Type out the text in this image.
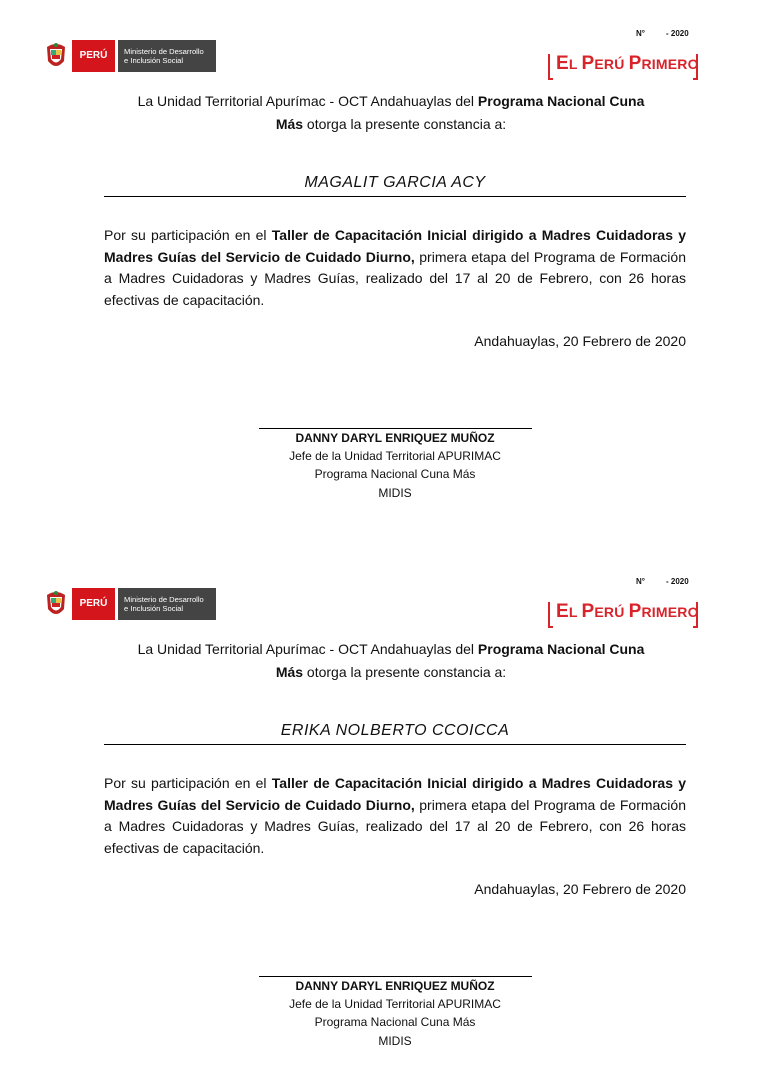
N°	- 2020
PERÚ	Ministerio de Desarrollo
e Inclusión Social	EL PERÚ PRIMERO
La Unidad Territorial Apurímac - OCT Andahuaylas del Programa Nacional Cuna
Más otorga la presente constancia a:
MAGALIT GARCIA ACY
Por su participación en el Taller de Capacitación Inicial dirigido a Madres Cuidadoras y Madres Guías del Servicio de Cuidado Diurno, primera etapa del Programa de Formación a Madres Cuidadoras y Madres Guías, realizado del 17 al 20 de Febrero, con 26 horas efectivas de capacitación.
Andahuaylas, 20 Febrero de 2020
DANNY DARYL ENRIQUEZ MUÑOZ
Jefe de la Unidad Territorial APURIMAC
Programa Nacional Cuna Más
MIDIS
N°	- 2020
PERÚ	Ministerio de Desarrollo
e Inclusión Social	EL PERÚ PRIMERO
La Unidad Territorial Apurímac - OCT Andahuaylas del Programa Nacional Cuna
Más otorga la presente constancia a:
ERIKA NOLBERTO CCOICCA
Por su participación en el Taller de Capacitación Inicial dirigido a Madres Cuidadoras y Madres Guías del Servicio de Cuidado Diurno, primera etapa del Programa de Formación a Madres Cuidadoras y Madres Guías, realizado del 17 al 20 de Febrero, con 26 horas efectivas de capacitación.
Andahuaylas, 20 Febrero de 2020
DANNY DARYL ENRIQUEZ MUÑOZ
Jefe de la Unidad Territorial APURIMAC
Programa Nacional Cuna Más
MIDIS
